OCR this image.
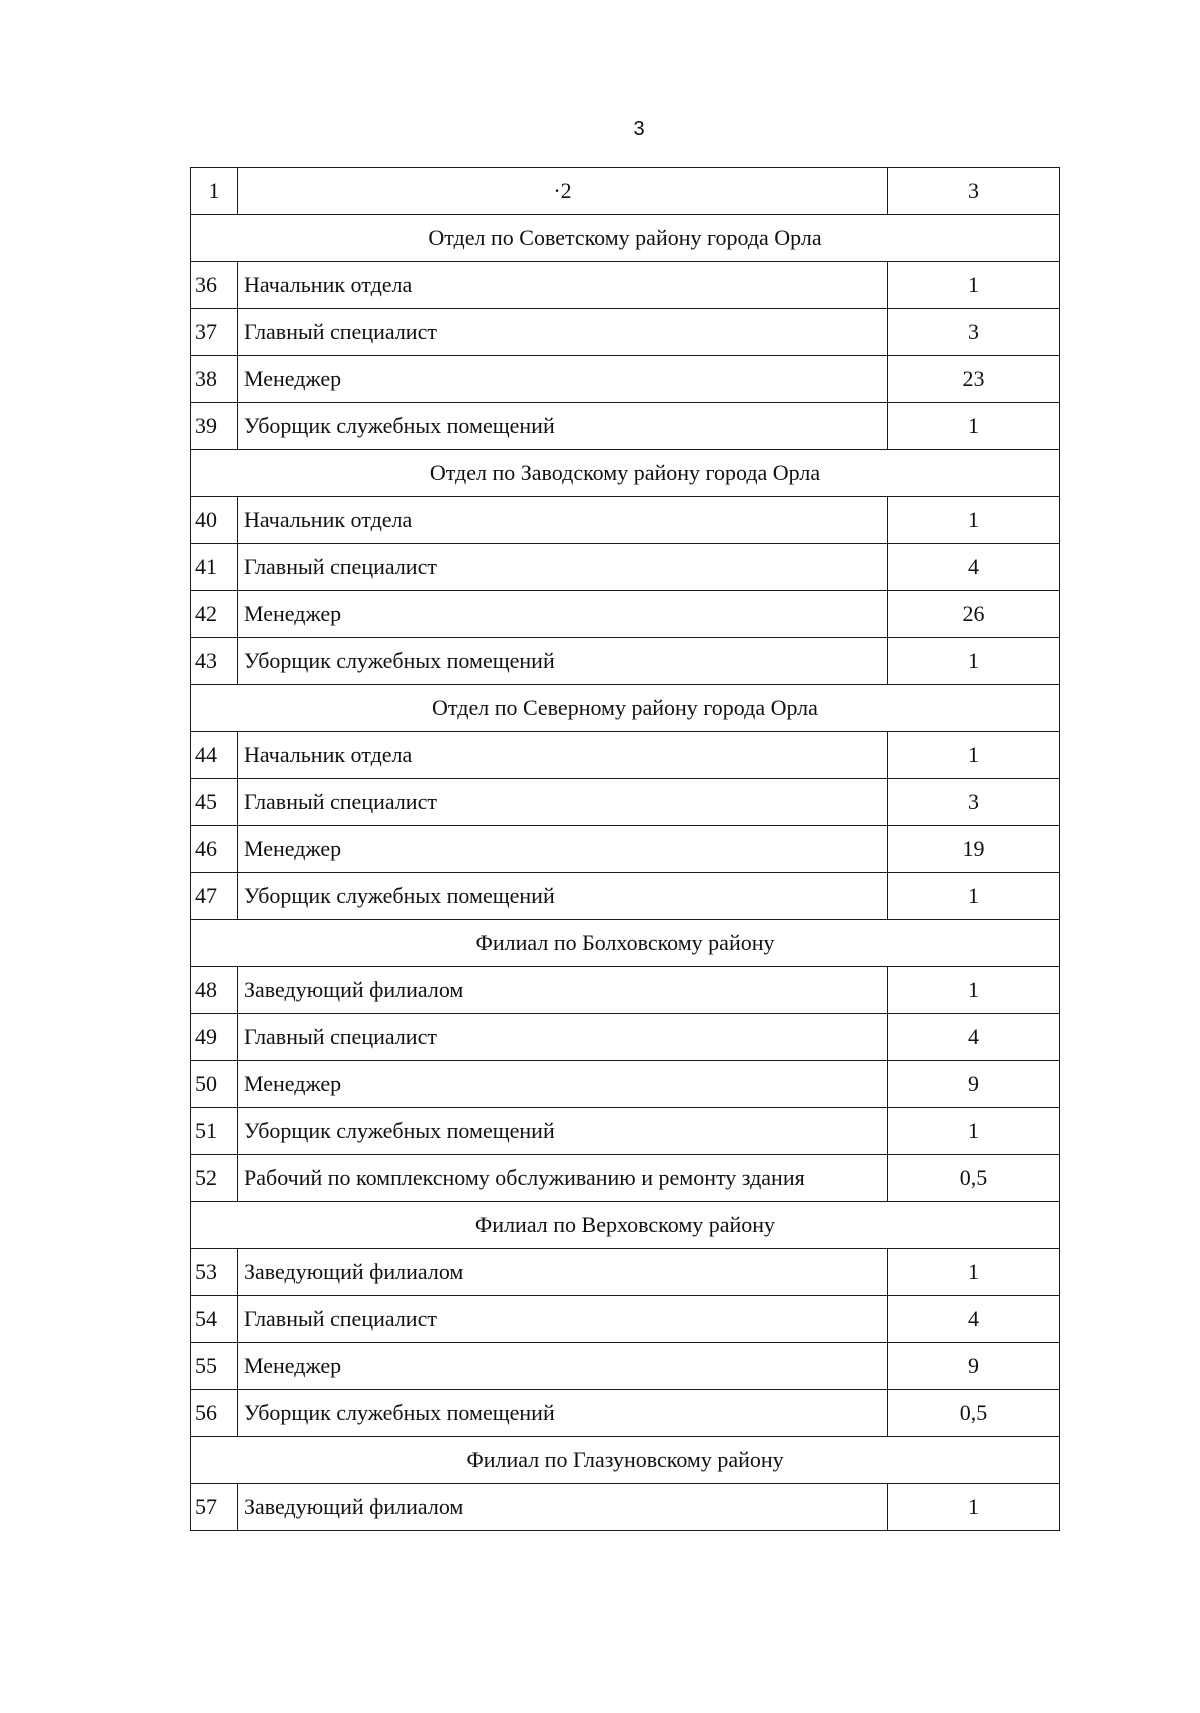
3
1	·2	3
Отдел по Советскому району города Орла		
36	Начальник отдела	1
37	Главный специалист	3
38	Менеджер	23
39	Уборщик служебных помещений	1
Отдел по Заводскому району города Орла		
40	Начальник отдела	1
41	Главный специалист	4
42	Менеджер	26
43	Уборщик служебных помещений	1
Отдел по Северному району города Орла		
44	Начальник отдела	1
45	Главный специалист	3
46	Менеджер	19
47	Уборщик служебных помещений	1
Филиал по Болховскому району		
48	Заведующий филиалом	1
49	Главный специалист	4
50	Менеджер	9
51	Уборщик служебных помещений	1
52	Рабочий по комплексному обслуживанию и ремонту здания	0,5
Филиал по Верховскому району		
53	Заведующий филиалом	1
54	Главный специалист	4
55	Менеджер	9
56	Уборщик служебных помещений	0,5
Филиал по Глазуновскому району		
57	Заведующий филиалом	1
